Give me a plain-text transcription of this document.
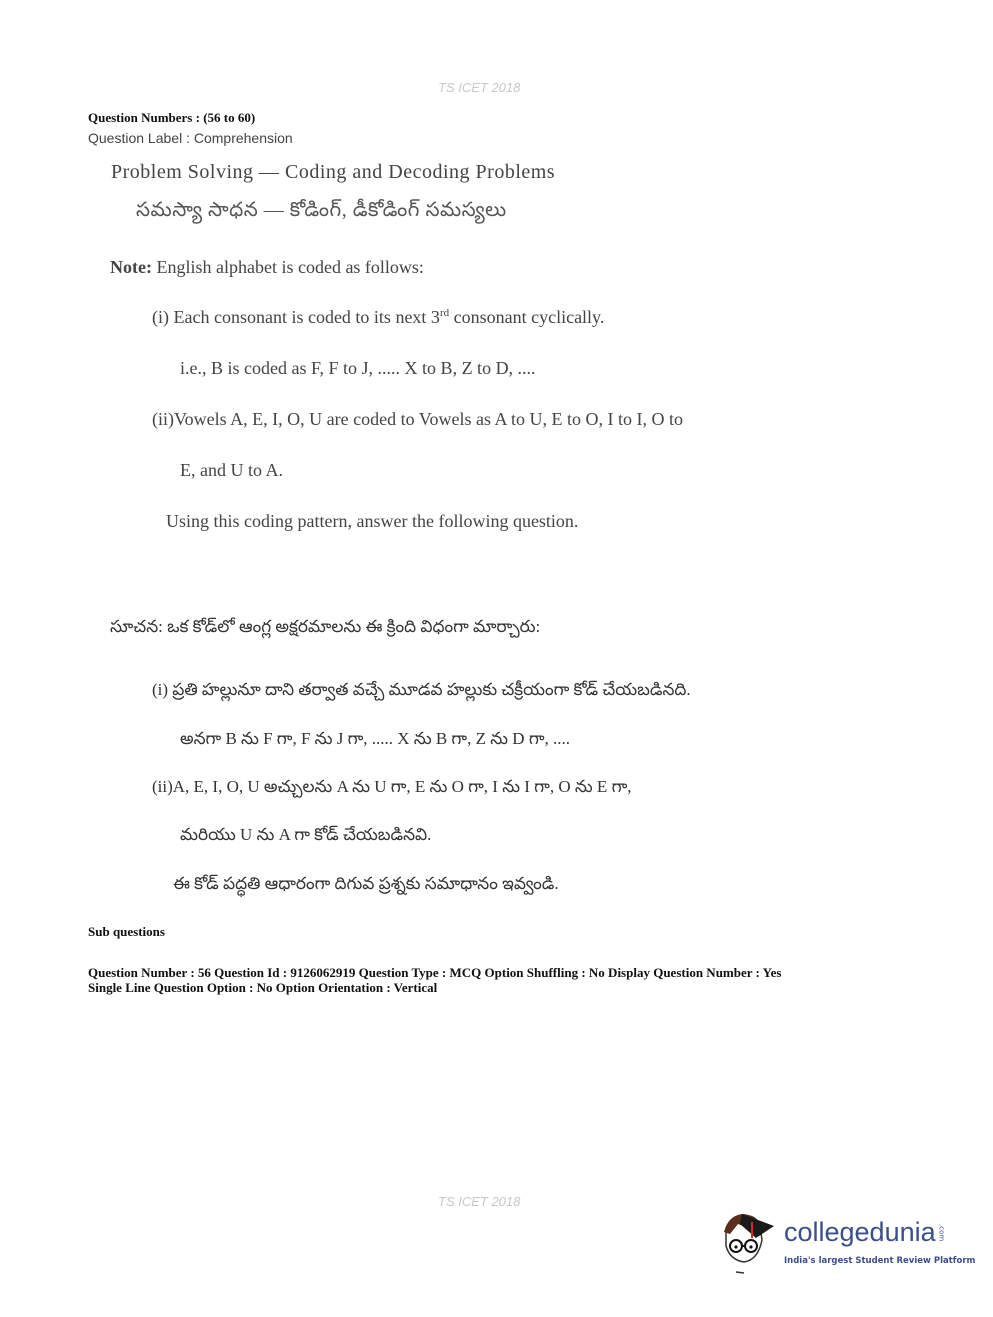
TS ICET 2018
Question Numbers : (56 to 60)
Question Label : Comprehension
Problem Solving — Coding and Decoding Problems
సమస్యా సాధన — కోడింగ్, డీకోడింగ్ సమస్యలు
Note: English alphabet is coded as follows:
(i) Each consonant is coded to its next 3rd consonant cyclically.
i.e., B is coded as F, F to J, ..... X to B, Z to D, ....
(ii)Vowels A, E, I, O, U are coded to Vowels as A to U, E to O, I to I, O to
E, and U to A.
Using this coding pattern, answer the following question.
సూచన: ఒక కోడ్‌లో ఆంగ్ల అక్షరమాలను ఈ క్రింది విధంగా మార్చారు:
(i) ప్రతి హల్లునూ దాని తర్వాత వచ్చే మూడవ హల్లుకు చక్రీయంగా కోడ్ చేయబడినది.
అనగా B ను F గా, F ను J గా, ..... X ను B గా, Z ను D గా, ....
(ii)A, E, I, O, U అచ్చులను A ను U గా, E ను O గా, I ను I గా, O ను E గా,
మరియు U ను A గా కోడ్ చేయబడినవి.
ఈ కోడ్ పద్ధతి ఆధారంగా దిగువ ప్రశ్నకు సమాధానం ఇవ్వండి.
Sub questions
Question Number : 56 Question Id : 9126062919 Question Type : MCQ Option Shuffling : No Display Question Number : Yes
Single Line Question Option : No Option Orientation : Vertical
TS ICET 2018
collegedunia .com
India's largest Student Review Platform
